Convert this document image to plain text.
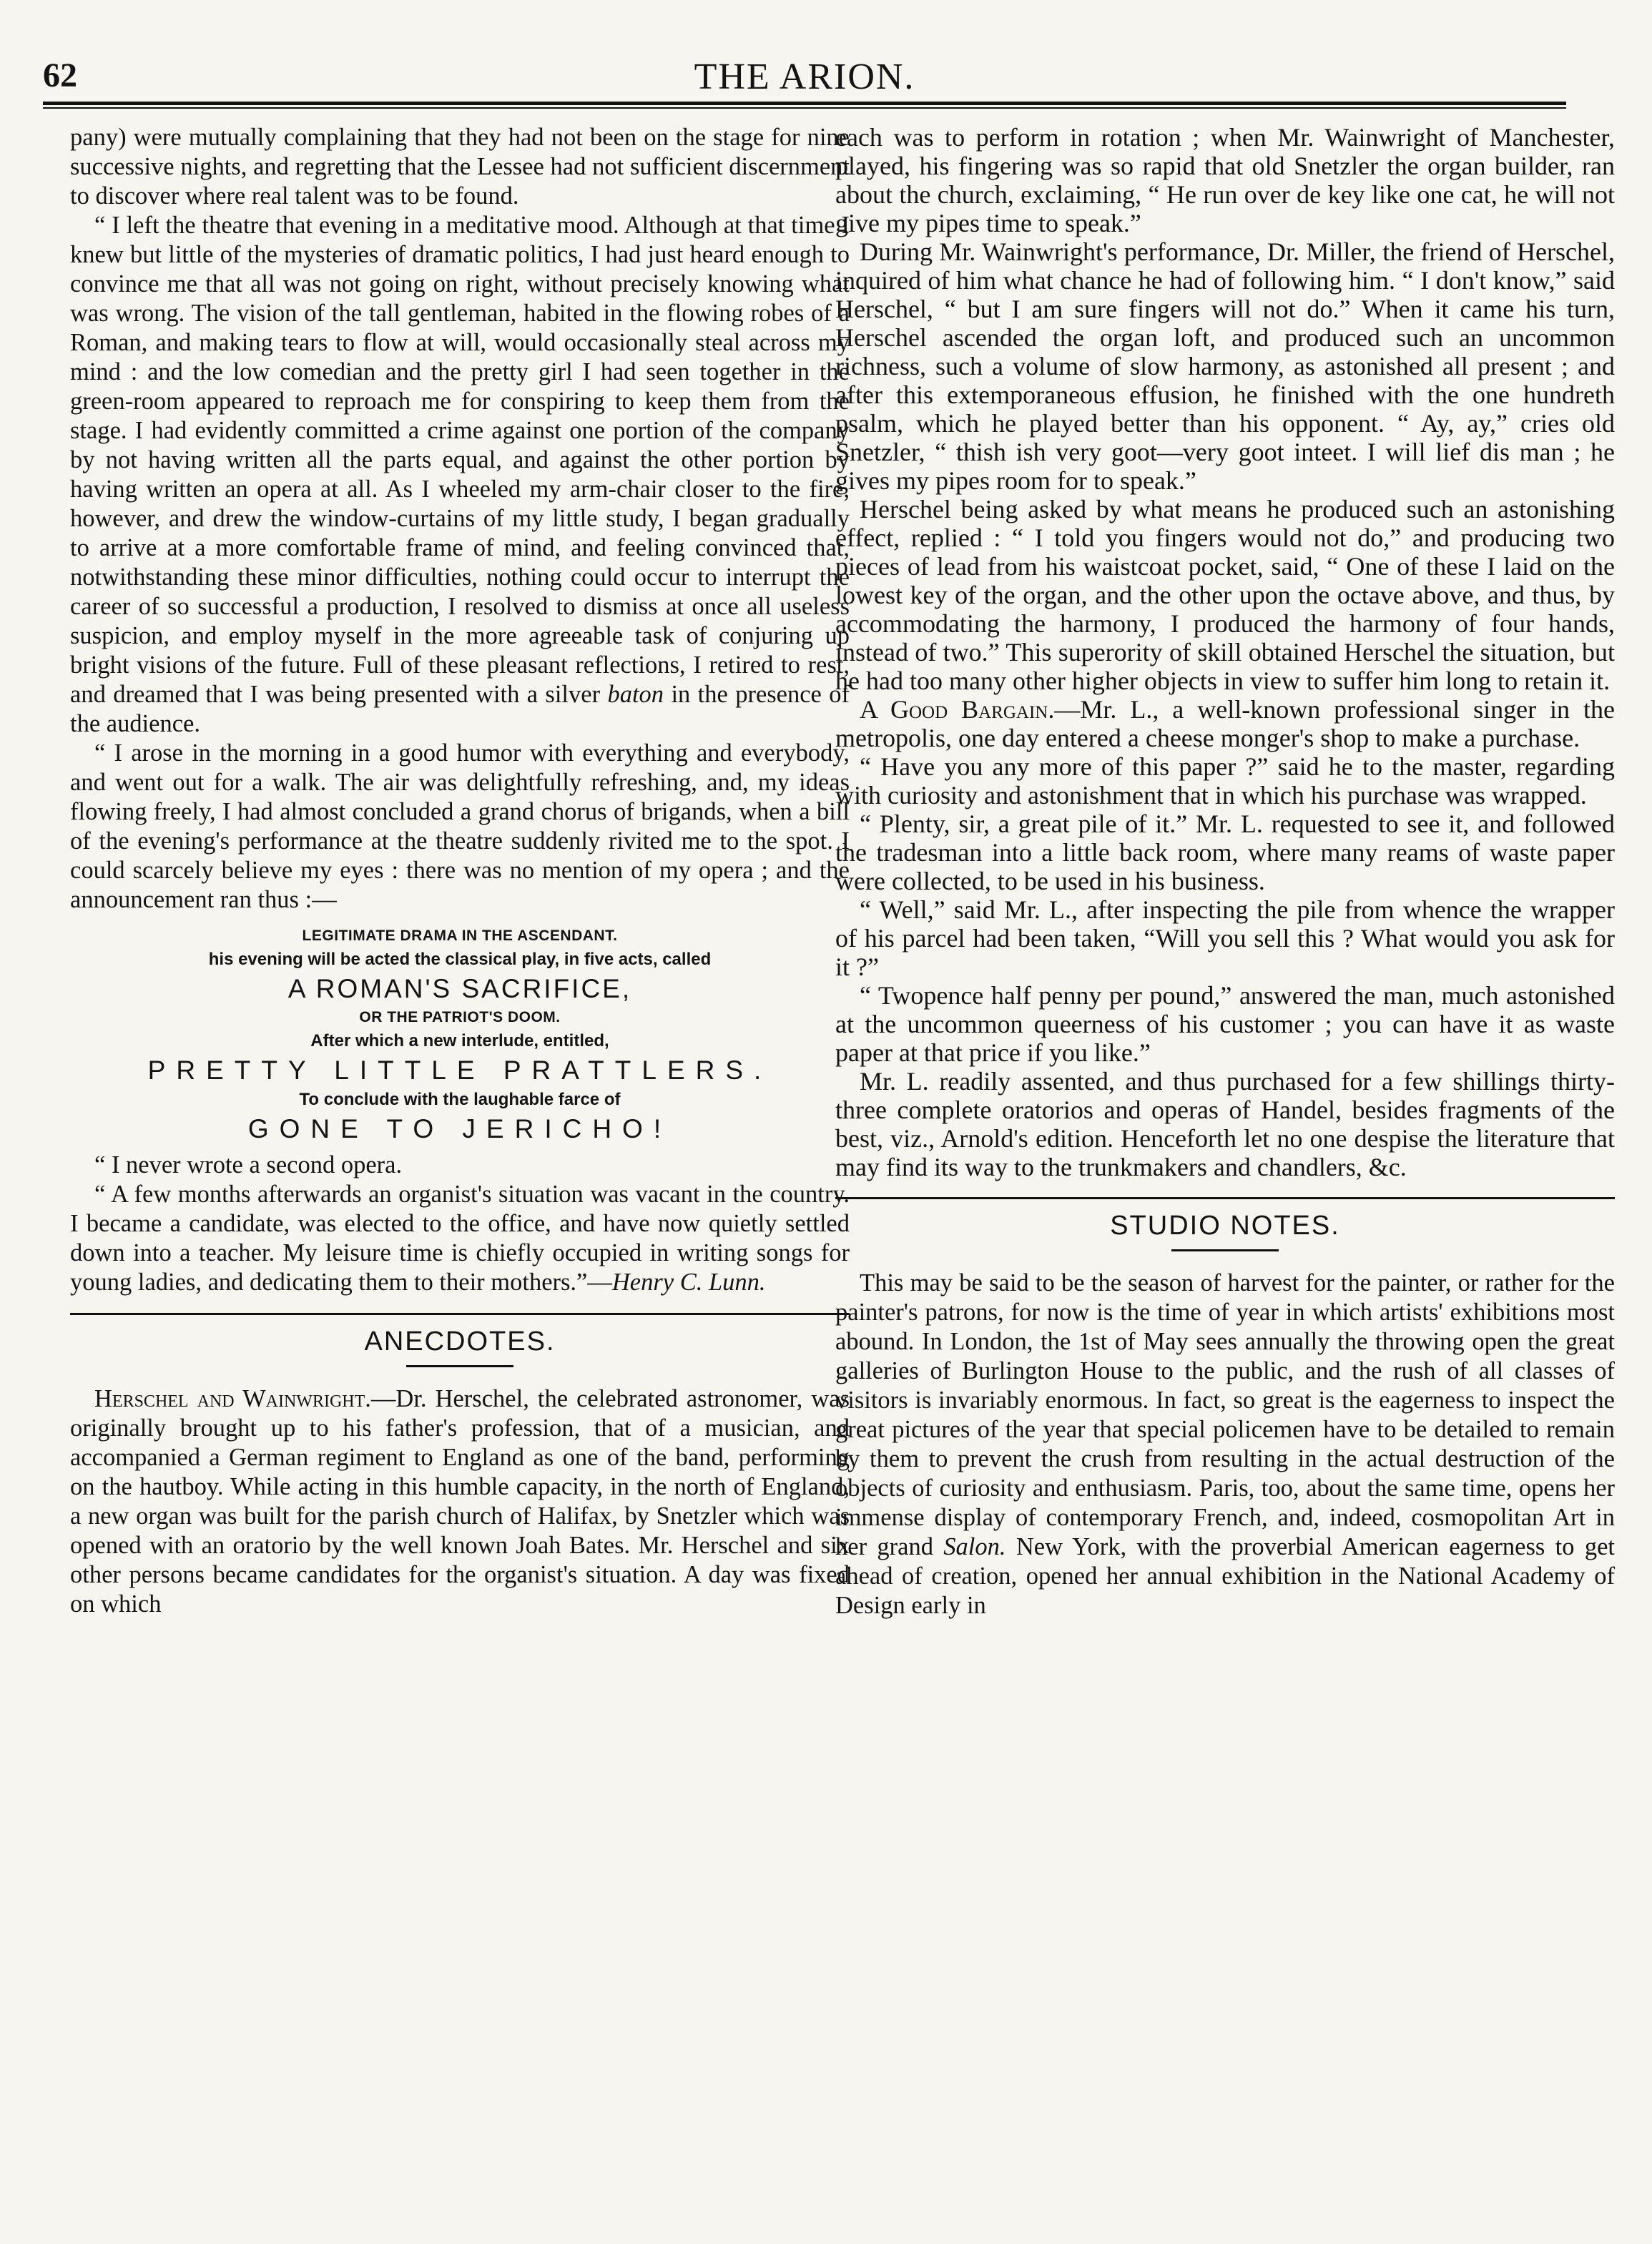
62	THE ARION.

pany) were mutually complaining that they had not been on the stage for nine successive nights, and regretting that the Lessee had not sufficient discernment to discover where real talent was to be found.

“ I left the theatre that evening in a meditative mood. Although at that time I knew but little of the mysteries of dramatic politics, I had just heard enough to convince me that all was not going on right, without precisely knowing what was wrong. The vision of the tall gentleman, habited in the flowing robes of a Roman, and making tears to flow at will, would occasionally steal across my mind : and the low comedian and the pretty girl I had seen together in the green-room appeared to reproach me for conspiring to keep them from the stage. I had evidently committed a crime against one portion of the company by not having written all the parts equal, and against the other portion by having written an opera at all. As I wheeled my arm-chair closer to the fire, however, and drew the window-curtains of my little study, I began gradually to arrive at a more comfortable frame of mind, and feeling convinced that, notwithstanding these minor difficulties, nothing could occur to interrupt the career of so successful a production, I resolved to dismiss at once all useless suspicion, and employ myself in the more agreeable task of conjuring up bright visions of the future. Full of these pleasant reflections, I retired to rest, and dreamed that I was being presented with a silver baton in the presence of the audience.

“ I arose in the morning in a good humor with everything and everybody, and went out for a walk. The air was delightfully refreshing, and, my ideas flowing freely, I had almost concluded a grand chorus of brigands, when a bill of the evening's performance at the theatre suddenly rivited me to the spot. I could scarcely believe my eyes : there was no mention of my opera ; and the announcement ran thus :—

LEGITIMATE DRAMA IN THE ASCENDANT.
his evening will be acted the classical play, in five acts, called
A ROMAN'S SACRIFICE,
OR THE PATRIOT'S DOOM.
After which a new interlude, entitled,
PRETTY LITTLE PRATTLERS.
To conclude with the laughable farce of
GONE TO JERICHO!

“ I never wrote a second opera.

“ A few months afterwards an organist's situation was vacant in the country. I became a candidate, was elected to the office, and have now quietly settled down into a teacher. My leisure time is chiefly occupied in writing songs for young ladies, and dedicating them to their mothers.”—Henry C. Lunn.

ANECDOTES.

Herschel and Wainwright.—Dr. Herschel, the celebrated astronomer, was originally brought up to his father's profession, that of a musician, and accompanied a German regiment to England as one of the band, performing on the hautboy. While acting in this humble capacity, in the north of England, a new organ was built for the parish church of Halifax, by Snetzler which was opened with an oratorio by the well known Joah Bates. Mr. Herschel and six other persons became candidates for the organist's situation. A day was fixed on which

each was to perform in rotation ; when Mr. Wainwright of Manchester, played, his fingering was so rapid that old Snetzler the organ builder, ran about the church, exclaiming, “ He run over de key like one cat, he will not give my pipes time to speak.”

During Mr. Wainwright's performance, Dr. Miller, the friend of Herschel, inquired of him what chance he had of following him. “ I don't know,” said Herschel, “ but I am sure fingers will not do.” When it came his turn, Herschel ascended the organ loft, and produced such an uncommon richness, such a volume of slow harmony, as astonished all present ; and after this extemporaneous effusion, he finished with the one hundreth psalm, which he played better than his opponent. “ Ay, ay,” cries old Snetzler, “ thish ish very goot—very goot inteet. I will lief dis man ; he gives my pipes room for to speak.”

Herschel being asked by what means he produced such an astonishing effect, replied : “ I told you fingers would not do,” and producing two pieces of lead from his waistcoat pocket, said, “ One of these I laid on the lowest key of the organ, and the other upon the octave above, and thus, by accommodating the harmony, I produced the harmony of four hands, instead of two.” This superority of skill obtained Herschel the situation, but he had too many other higher objects in view to suffer him long to retain it.

A Good Bargain.—Mr. L., a well-known professional singer in the metropolis, one day entered a cheese monger's shop to make a purchase.

“ Have you any more of this paper ?” said he to the master, regarding with curiosity and astonishment that in which his purchase was wrapped.

“ Plenty, sir, a great pile of it.” Mr. L. requested to see it, and followed the tradesman into a little back room, where many reams of waste paper were collected, to be used in his business.

“ Well,” said Mr. L., after inspecting the pile from whence the wrapper of his parcel had been taken, “Will you sell this ? What would you ask for it ?”

“ Twopence half penny per pound,” answered the man, much astonished at the uncommon queerness of his customer ; you can have it as waste paper at that price if you like.”

Mr. L. readily assented, and thus purchased for a few shillings thirty-three complete oratorios and operas of Handel, besides fragments of the best, viz., Arnold's edition. Henceforth let no one despise the literature that may find its way to the trunkmakers and chandlers, &c.

STUDIO NOTES.

This may be said to be the season of harvest for the painter, or rather for the painter's patrons, for now is the time of year in which artists' exhibitions most abound. In London, the 1st of May sees annually the throwing open the great galleries of Burlington House to the public, and the rush of all classes of visitors is invariably enormous. In fact, so great is the eagerness to inspect the great pictures of the year that special policemen have to be detailed to remain by them to prevent the crush from resulting in the actual destruction of the objects of curiosity and enthusiasm. Paris, too, about the same time, opens her immense display of contemporary French, and, indeed, cosmopolitan Art in her grand Salon. New York, with the proverbial American eagerness to get ahead of creation, opened her annual exhibition in the National Academy of Design early in
